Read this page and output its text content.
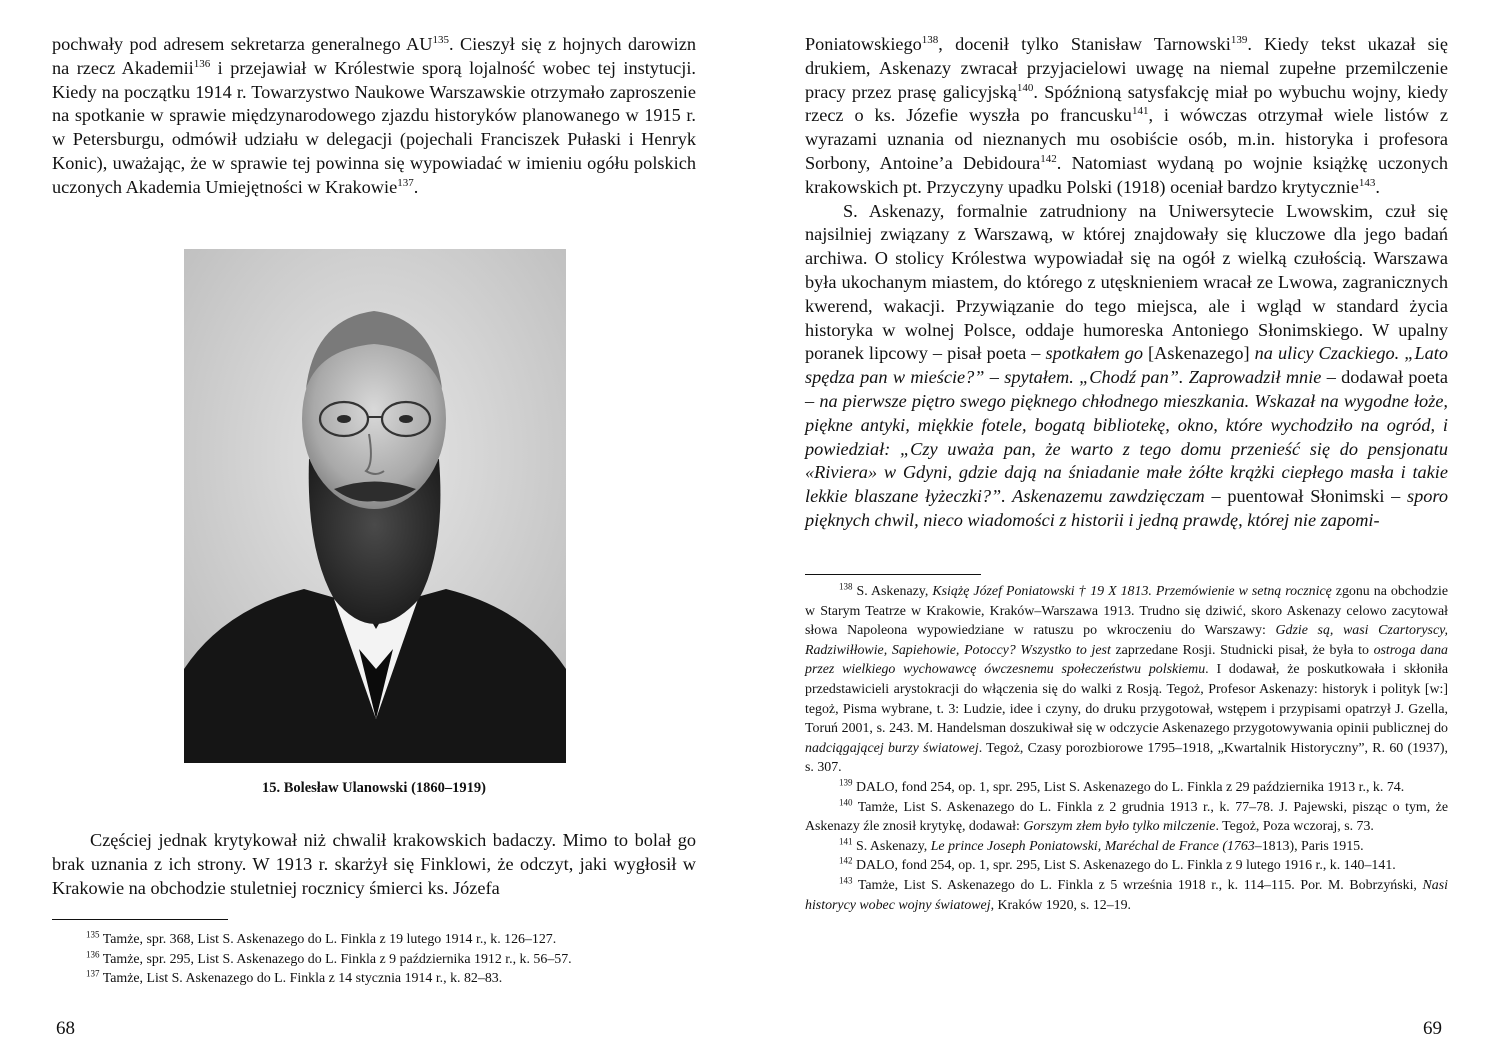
pochwały pod adresem sekretarza generalnego AU$^{135}$. Cieszył się z hojnych darowizn na rzecz Akademii$^{136}$ i przejawiał w Królestwie sporą lojalność wobec tej instytucji. Kiedy na początku 1914 r. Towarzystwo Naukowe Warszawskie otrzymało zaproszenie na spotkanie w sprawie międzynarodowego zjazdu historyków planowanego w 1915 r. w Petersburgu, odmówił udziału w delegacji (pojechali Franciszek Pułaski i Henryk Konic), uważając, że w sprawie tej powinna się wypowiadać w imieniu ogółu polskich uczonych Akademia Umiejętności w Krakowie$^{137}$.

15. Bolesław Ulanowski (1860–1919)

Częściej jednak krytykował niż chwalił krakowskich badaczy. Mimo to bolał go brak uznania z ich strony. W 1913 r. skarżył się Finklowi, że odczyt, jaki wygłosił w Krakowie na obchodzie stuletniej rocznicy śmierci ks. Józefa

$^{135}$ Tamże, spr. 368, List S. Askenazego do L. Finkla z 19 lutego 1914 r., k. 126–127.

$^{136}$ Tamże, spr. 295, List S. Askenazego do L. Finkla z 9 października 1912 r., k. 56–57.

$^{137}$ Tamże, List S. Askenazego do L. Finkla z 14 stycznia 1914 r., k. 82–83.

68

Poniatowskiego$^{138}$, docenił tylko Stanisław Tarnowski$^{139}$. Kiedy tekst ukazał się drukiem, Askenazy zwracał przyjacielowi uwagę na niemal zupełne przemilczenie pracy przez prasę galicyjską$^{140}$. Spóźnioną satysfakcję miał po wybuchu wojny, kiedy rzecz o ks. Józefie wyszła po francusku$^{141}$, i wówczas otrzymał wiele listów z wyrazami uznania od nieznanych mu osobiście osób, m.in. historyka i profesora Sorbony, Antoine’a Debidoura$^{142}$. Natomiast wydaną po wojnie książkę uczonych krakowskich pt. Przyczyny upadku Polski (1918) oceniał bardzo krytycznie$^{143}$.

S. Askenazy, formalnie zatrudniony na Uniwersytecie Lwowskim, czuł się najsilniej związany z Warszawą, w której znajdowały się kluczowe dla jego badań archiwa. O stolicy Królestwa wypowiadał się na ogół z wielką czułością. Warszawa była ukochanym miastem, do którego z utęsknieniem wracał ze Lwowa, zagranicznych kwerend, wakacji. Przywiązanie do tego miejsca, ale i wgląd w standard życia historyka w wolnej Polsce, oddaje humoreska Antoniego Słonimskiego. W upalny poranek lipcowy – pisał poeta – spotkałem go [Askenazego] na ulicy Czackiego. „Lato spędza pan w mieście?” – spytałem. „Chodź pan”. Zaprowadził mnie – dodawał poeta – na pierwsze piętro swego pięknego chłodnego mieszkania. Wskazał na wygodne łoże, piękne antyki, miękkie fotele, bogatą bibliotekę, okno, które wychodziło na ogród, i powiedział: „Czy uważa pan, że warto z tego domu przenieść się do pensjonatu «Riviera» w Gdyni, gdzie dają na śniadanie małe żółte krążki ciepłego masła i takie lekkie blaszane łyżeczki?”. Askenazemu zawdzięczam – puentował Słonimski – sporo pięknych chwil, nieco wiadomości z historii i jedną prawdę, której nie zapomi-

$^{138}$ S. Askenazy, Książę Józef Poniatowski † 19 X 1813. Przemówienie w setną rocznicę zgonu na obchodzie w Starym Teatrze w Krakowie, Kraków–Warszawa 1913. Trudno się dziwić, skoro Askenazy celowo zacytował słowa Napoleona wypowiedziane w ratuszu po wkroczeniu do Warszawy: Gdzie są, wasi Czartoryscy, Radziwiłłowie, Sapiehowie, Potoccy? Wszystko to jest zaprzedane Rosji. Studnicki pisał, że była to ostroga dana przez wielkiego wychowawcę ówczesnemu społeczeństwu polskiemu. I dodawał, że poskutkowała i skłoniła przedstawicieli arystokracji do włączenia się do walki z Rosją. Tegoż, Profesor Askenazy: historyk i polityk [w:] tegoż, Pisma wybrane, t. 3: Ludzie, idee i czyny, do druku przygotował, wstępem i przypisami opatrzył J. Gzella, Toruń 2001, s. 243. M. Handelsman doszukiwał się w odczycie Askenazego przygotowywania opinii publicznej do nadciągającej burzy światowej. Tegoż, Czasy porozbiorowe 1795–1918, „Kwartalnik Historyczny”, R. 60 (1937), s. 307.

$^{139}$ DALO, fond 254, op. 1, spr. 295, List S. Askenazego do L. Finkla z 29 października 1913 r., k. 74.

$^{140}$ Tamże, List S. Askenazego do L. Finkla z 2 grudnia 1913 r., k. 77–78. J. Pajewski, pisząc o tym, że Askenazy źle znosił krytykę, dodawał: Gorszym złem było tylko milczenie. Tegoż, Poza wczoraj, s. 73.

$^{141}$ S. Askenazy, Le prince Joseph Poniatowski, Maréchal de France (1763–1813), Paris 1915.

$^{142}$ DALO, fond 254, op. 1, spr. 295, List S. Askenazego do L. Finkla z 9 lutego 1916 r., k. 140–141.

$^{143}$ Tamże, List S. Askenazego do L. Finkla z 5 września 1918 r., k. 114–115. Por. M. Bobrzyński, Nasi historycy wobec wojny światowej, Kraków 1920, s. 12–19.

69
